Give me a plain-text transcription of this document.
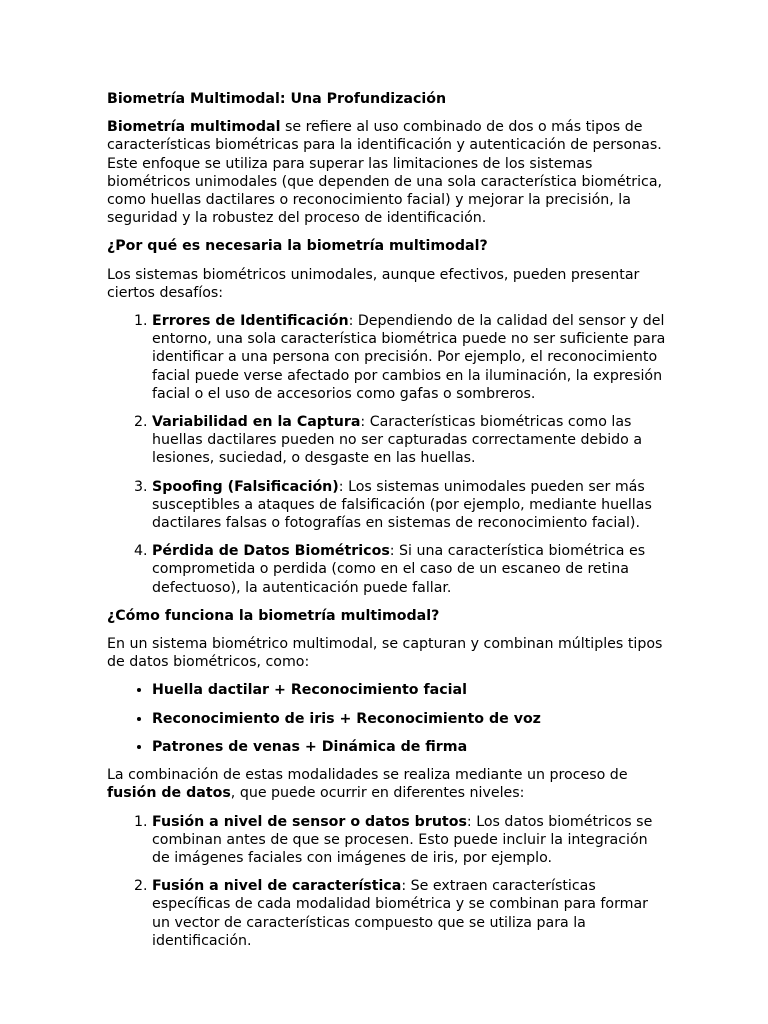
Biometría Multimodal: Una Profundización

Biometría multimodal se refiere al uso combinado de dos o más tipos de características biométricas para la identificación y autenticación de personas. Este enfoque se utiliza para superar las limitaciones de los sistemas biométricos unimodales (que dependen de una sola característica biométrica, como huellas dactilares o reconocimiento facial) y mejorar la precisión, la seguridad y la robustez del proceso de identificación.

¿Por qué es necesaria la biometría multimodal?

Los sistemas biométricos unimodales, aunque efectivos, pueden presentar ciertos desafíos:

1. Errores de Identificación: Dependiendo de la calidad del sensor y del entorno, una sola característica biométrica puede no ser suficiente para identificar a una persona con precisión. Por ejemplo, el reconocimiento facial puede verse afectado por cambios en la iluminación, la expresión facial o el uso de accesorios como gafas o sombreros.
2. Variabilidad en la Captura: Características biométricas como las huellas dactilares pueden no ser capturadas correctamente debido a lesiones, suciedad, o desgaste en las huellas.
3. Spoofing (Falsificación): Los sistemas unimodales pueden ser más susceptibles a ataques de falsificación (por ejemplo, mediante huellas dactilares falsas o fotografías en sistemas de reconocimiento facial).
4. Pérdida de Datos Biométricos: Si una característica biométrica es comprometida o perdida (como en el caso de un escaneo de retina defectuoso), la autenticación puede fallar.
¿Cómo funciona la biometría multimodal?

En un sistema biométrico multimodal, se capturan y combinan múltiples tipos de datos biométricos, como:

• Huella dactilar + Reconocimiento facial
• Reconocimiento de iris + Reconocimiento de voz
• Patrones de venas + Dinámica de firma

La combinación de estas modalidades se realiza mediante un proceso de fusión de datos, que puede ocurrir en diferentes niveles:

1. Fusión a nivel de sensor o datos brutos: Los datos biométricos se combinan antes de que se procesen. Esto puede incluir la integración de imágenes faciales con imágenes de iris, por ejemplo.
2. Fusión a nivel de característica: Se extraen características específicas de cada modalidad biométrica y se combinan para formar un vector de características compuesto que se utiliza para la identificación.
